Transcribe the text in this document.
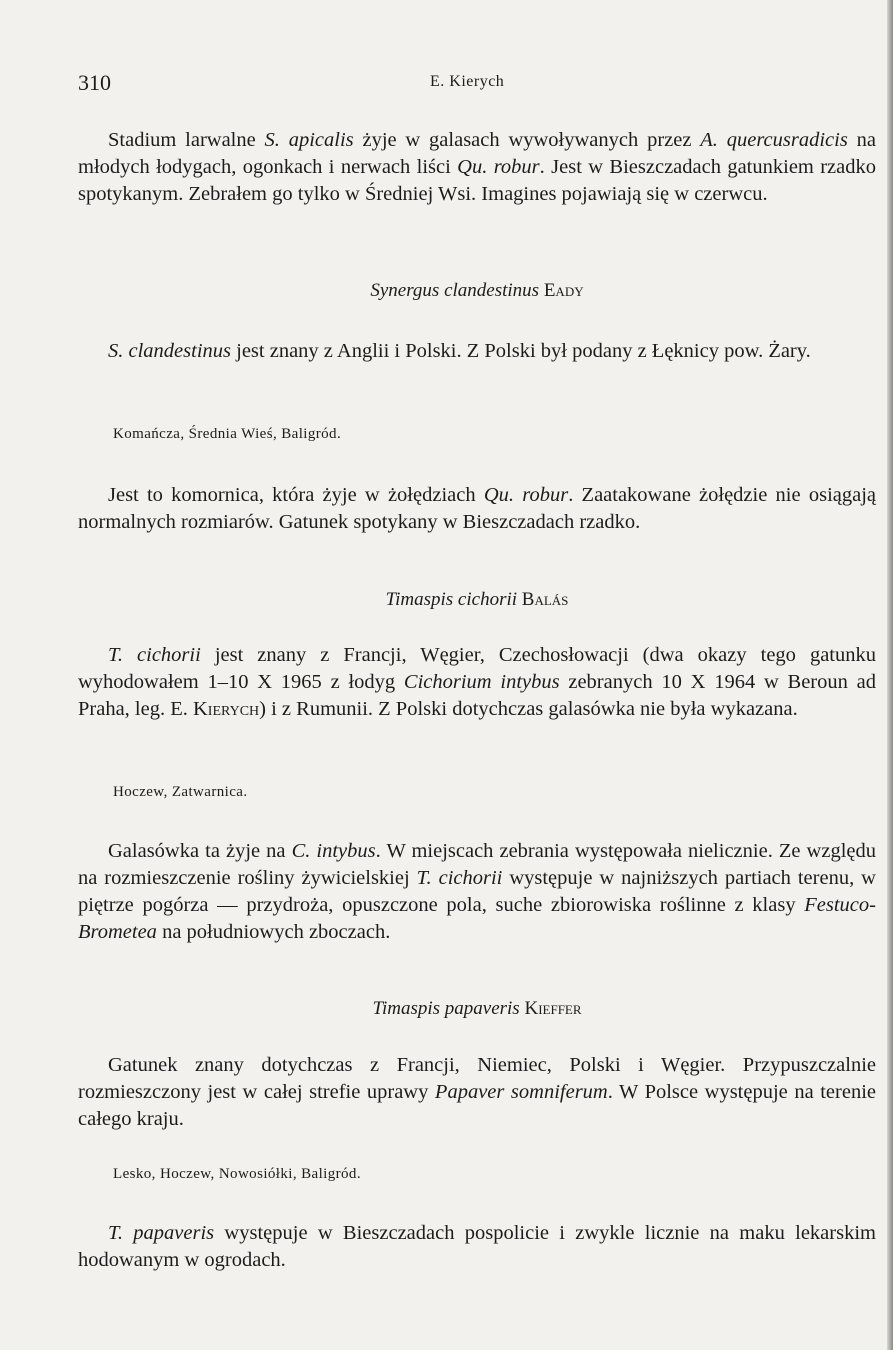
310	E. Kierych

Stadium larwalne S. apicalis żyje w galasach wywoływanych przez A. quercusradicis na młodych łodygach, ogonkach i nerwach liści Qu. robur. Jest w Bieszczadach gatunkiem rzadko spotykanym. Zebrałem go tylko w Średniej Wsi. Imagines pojawiają się w czerwcu.

Synergus clandestinus Eady

S. clandestinus jest znany z Anglii i Polski. Z Polski był podany z Łęknicy pow. Żary.

Komańcza, Średnia Wieś, Baligród.

Jest to komornica, która żyje w żołędziach Qu. robur. Zaatakowane żołędzie nie osiągają normalnych rozmiarów. Gatunek spotykany w Bieszczadach rzadko.

Timaspis cichorii Balás

T. cichorii jest znany z Francji, Węgier, Czechosłowacji (dwa okazy tego gatunku wyhodowałem 1–10 X 1965 z łodyg Cichorium intybus zebranych 10 X 1964 w Beroun ad Praha, leg. E. Kierych) i z Rumunii. Z Polski dotychczas galasówka nie była wykazana.

Hoczew, Zatwarnica.

Galasówka ta żyje na C. intybus. W miejscach zebrania występowała nielicznie. Ze względu na rozmieszczenie rośliny żywicielskiej T. cichorii występuje w najniższych partiach terenu, w piętrze pogórza — przydroża, opuszczone pola, suche zbiorowiska roślinne z klasy Festuco-Brometea na południowych zboczach.

Timaspis papaveris Kieffer

Gatunek znany dotychczas z Francji, Niemiec, Polski i Węgier. Przypuszczalnie rozmieszczony jest w całej strefie uprawy Papaver somniferum. W Polsce występuje na terenie całego kraju.

Lesko, Hoczew, Nowosiółki, Baligród.

T. papaveris występuje w Bieszczadach pospolicie i zwykle licznie na maku lekarskim hodowanym w ogrodach.
